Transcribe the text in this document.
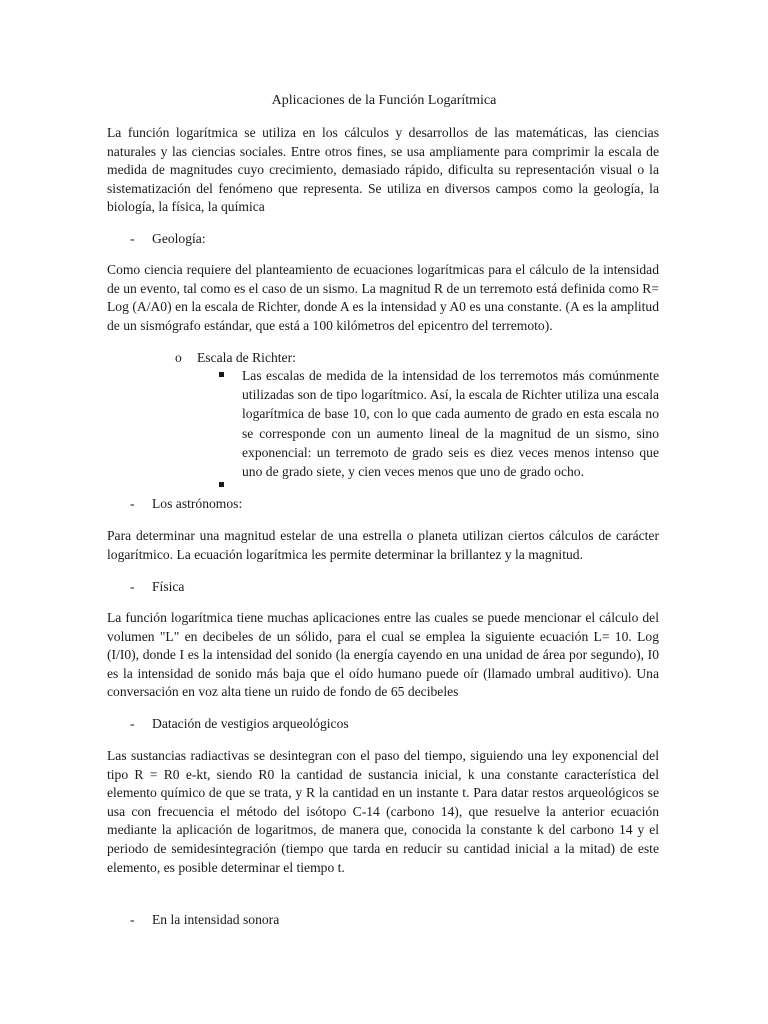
Aplicaciones de la Función Logarítmica

La función logarítmica se utiliza en los cálculos y desarrollos de las matemáticas, las ciencias naturales y las ciencias sociales. Entre otros fines, se usa ampliamente para comprimir la escala de medida de magnitudes cuyo crecimiento, demasiado rápido, dificulta su representación visual o la sistematización del fenómeno que representa. Se utiliza en diversos campos como la geología, la biología, la física, la química

- Geología:

Como ciencia requiere del planteamiento de ecuaciones logarítmicas para el cálculo de la intensidad de un evento, tal como es el caso de un sismo. La magnitud R de un terremoto está definida como R= Log (A/A0) en la escala de Richter, donde A es la intensidad y A0 es una constante. (A es la amplitud de un sismógrafo estándar, que está a 100 kilómetros del epicentro del terremoto).

o Escala de Richter:

Las escalas de medida de la intensidad de los terremotos más comúnmente utilizadas son de tipo logarítmico. Así, la escala de Richter utiliza una escala logarítmica de base 10, con lo que cada aumento de grado en esta escala no se corresponde con un aumento lineal de la magnitud de un sismo, sino exponencial: un terremoto de grado seis es diez veces menos intenso que uno de grado siete, y cien veces menos que uno de grado ocho.

- Los astrónomos:

Para determinar una magnitud estelar de una estrella o planeta utilizan ciertos cálculos de carácter logarítmico. La ecuación logarítmica les permite determinar la brillantez y la magnitud.

- Física

La función logarítmica tiene muchas aplicaciones entre las cuales se puede mencionar el cálculo del volumen "L" en decibeles de un sólido, para el cual se emplea la siguiente ecuación L= 10. Log (I/I0), donde I es la intensidad del sonido (la energía cayendo en una unidad de área por segundo), I0 es la intensidad de sonido más baja que el oído humano puede oír (llamado umbral auditivo). Una conversación en voz alta tiene un ruido de fondo de 65 decibeles

- Datación de vestigios arqueológicos

Las sustancias radiactivas se desintegran con el paso del tiempo, siguiendo una ley exponencial del tipo R = R0 e-kt, siendo R0 la cantidad de sustancia inicial, k una constante característica del elemento químico de que se trata, y R la cantidad en un instante t. Para datar restos arqueológicos se usa con frecuencia el método del isótopo C-14 (carbono 14), que resuelve la anterior ecuación mediante la aplicación de logaritmos, de manera que, conocida la constante k del carbono 14 y el periodo de semidesintegración (tiempo que tarda en reducir su cantidad inicial a la mitad) de este elemento, es posible determinar el tiempo t.

- En la intensidad sonora
